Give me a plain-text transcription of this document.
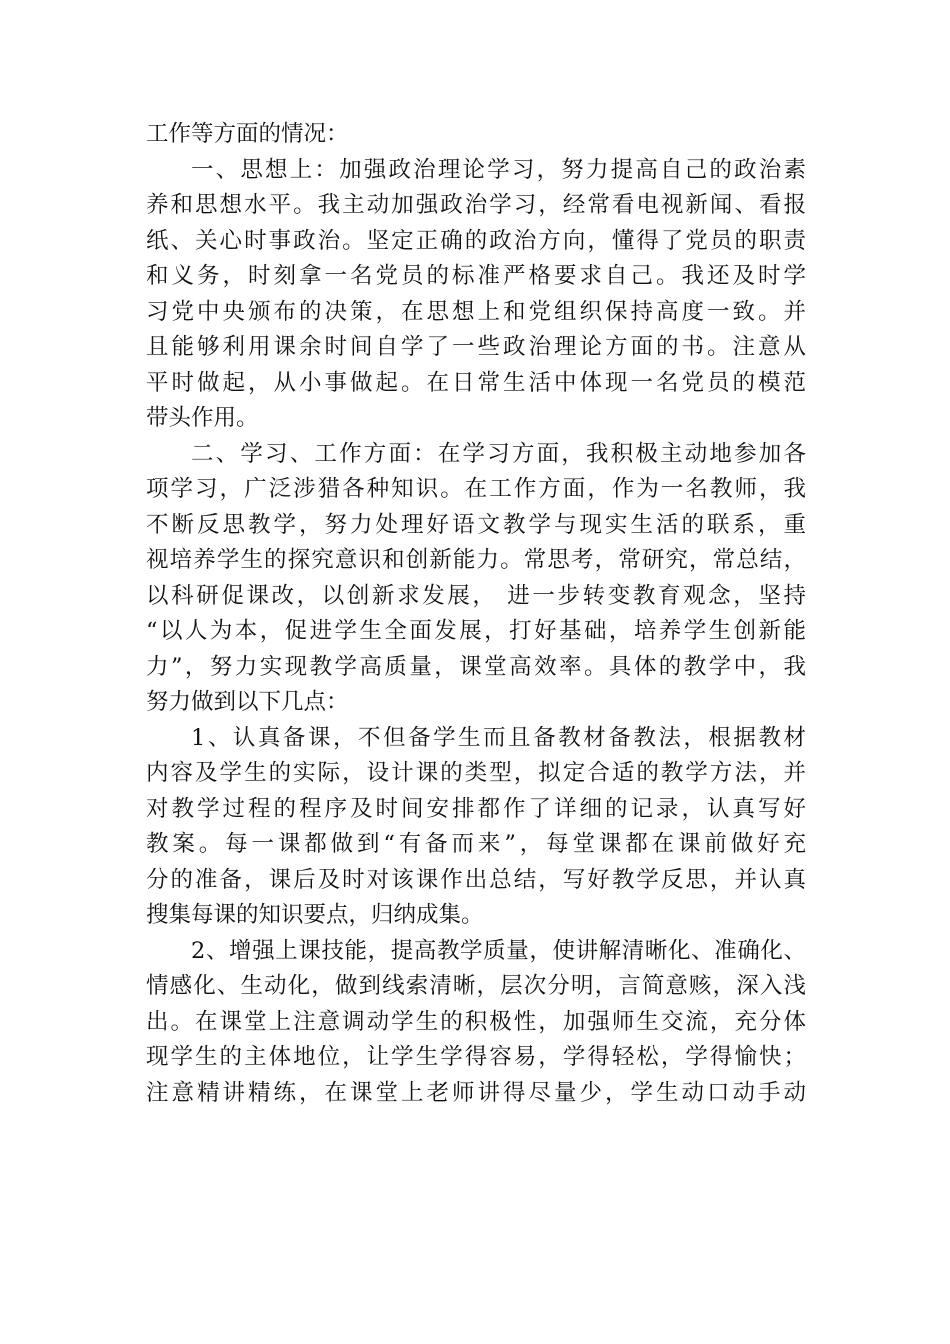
工作等方面的情况：
一、思想上：加强政治理论学习，努力提高自己的政治素
养和思想水平。我主动加强政治学习，经常看电视新闻、看报
纸、关心时事政治。坚定正确的政治方向，懂得了党员的职责
和义务，时刻拿一名党员的标准严格要求自己。我还及时学
习党中央颁布的决策，在思想上和党组织保持高度一致。并
且能够利用课余时间自学了一些政治理论方面的书。注意从
平时做起，从小事做起。在日常生活中体现一名党员的模范
带头作用。
二、学习、工作方面：在学习方面，我积极主动地参加各
项学习，广泛涉猎各种知识。在工作方面，作为一名教师，我
不断反思教学，努力处理好语文教学与现实生活的联系，重
视培养学生的探究意识和创新能力。常思考，常研究，常总结，
以科研促课改，以创新求发展， 进一步转变教育观念，坚持
“以人为本，促进学生全面发展，打好基础，培养学生创新能
力”，努力实现教学高质量，课堂高效率。具体的教学中，我
努力做到以下几点：
1、认真备课，不但备学生而且备教材备教法，根据教材
内容及学生的实际，设计课的类型，拟定合适的教学方法，并
对教学过程的程序及时间安排都作了详细的记录，认真写好
教案。每一课都做到“有备而来”，每堂课都在课前做好充
分的准备，课后及时对该课作出总结，写好教学反思，并认真
搜集每课的知识要点，归纳成集。
2、增强上课技能，提高教学质量，使讲解清晰化、准确化、
情感化、生动化，做到线索清晰，层次分明，言简意赅，深入浅
出。在课堂上注意调动学生的积极性，加强师生交流，充分体
现学生的主体地位，让学生学得容易，学得轻松，学得愉快；
注意精讲精练，在课堂上老师讲得尽量少，学生动口动手动
